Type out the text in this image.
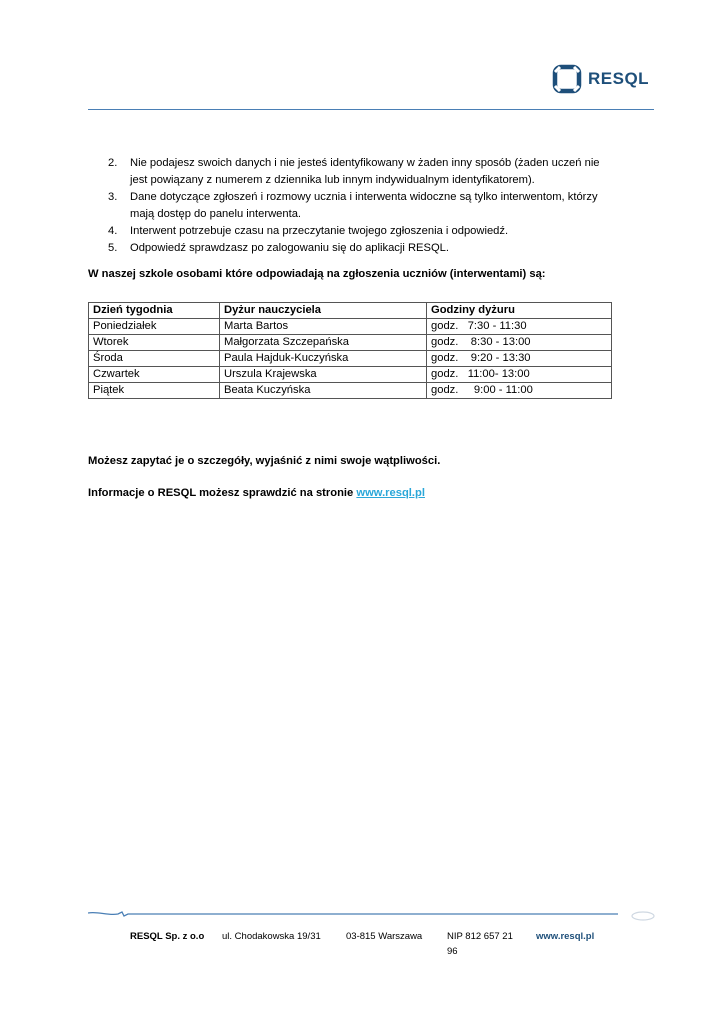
RESQL
2. Nie podajesz swoich danych i nie jesteś identyfikowany w żaden inny sposób (żaden uczeń nie
jest powiązany z numerem z dziennika lub innym indywidualnym identyfikatorem).
3. Dane dotyczące zgłoszeń i rozmowy ucznia i interwenta widoczne są tylko interwentom, którzy
mają dostęp do panelu interwenta.
4. Interwent potrzebuje czasu na przeczytanie twojego zgłoszenia i odpowiedź.
5. Odpowiedź sprawdzasz po zalogowaniu się do aplikacji RESQL.
W naszej szkole osobami które odpowiadają na zgłoszenia uczniów (interwentami) są:
Dzień tygodnia	Dyżur nauczyciela	Godziny dyżuru
Poniedziałek	Marta Bartos	godz.   7:30 - 11:30
Wtorek	Małgorzata Szczepańska	godz.    8:30 - 13:00
Środa	Paula Hajduk-Kuczyńska	godz.    9:20 - 13:30
Czwartek	Urszula Krajewska	godz.   11:00- 13:00
Piątek	Beata Kuczyńska	godz.     9:00 - 11:00
Możesz zapytać je o szczegóły, wyjaśnić z nimi swoje wątpliwości.
Informacje o RESQL możesz sprawdzić na stronie www.resql.pl
RESQL Sp. z o.o ul. Chodakowska 19/31	03-815 Warszawa	NIP 812 657 21
96
www.resql.pl
